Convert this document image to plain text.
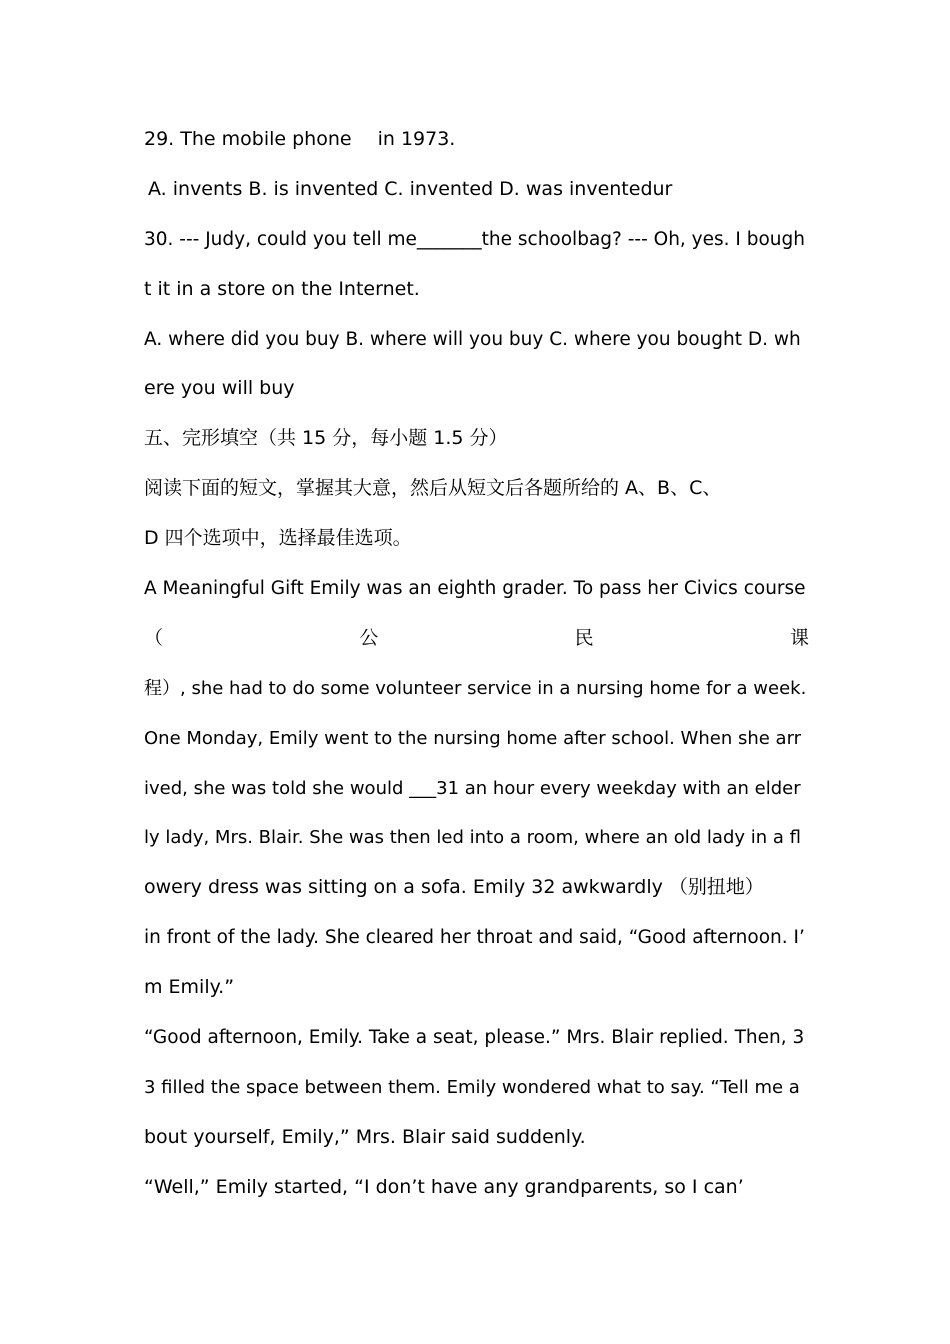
29. The mobile phone in 1973.
A. invents B. is invented C. invented D. was inventedur
30. --- Judy, could you tell me_______the schoolbag? --- Oh, yes. I bough
t it in a store on the Internet.
A. where did you buy B. where will you buy C. where you bought D. wh
ere you will buy
五、完形填空（共 15 分，每小题 1.5 分）
阅读下面的短文，掌握其大意，然后从短文后各题所给的 A、B、C、
D 四个选项中，选择最佳选项。
A Meaningful Gift Emily was an eighth grader. To pass her Civics course
（	公	民	课
程）, she had to do some volunteer service in a nursing home for a week.
One Monday, Emily went to the nursing home after school. When she arr
ived, she was told she would ___31 an hour every weekday with an elder
ly lady, Mrs. Blair. She was then led into a room, where an old lady in a fl
owery dress was sitting on a sofa. Emily 32 awkwardly （别扭地）
in front of the lady. She cleared her throat and said, “Good afternoon. I’
m Emily.”
“Good afternoon, Emily. Take a seat, please.” Mrs. Blair replied. Then, 3
3 filled the space between them. Emily wondered what to say. “Tell me a
bout yourself, Emily,” Mrs. Blair said suddenly.
“Well,” Emily started, “I don’t have any grandparents, so I can’
